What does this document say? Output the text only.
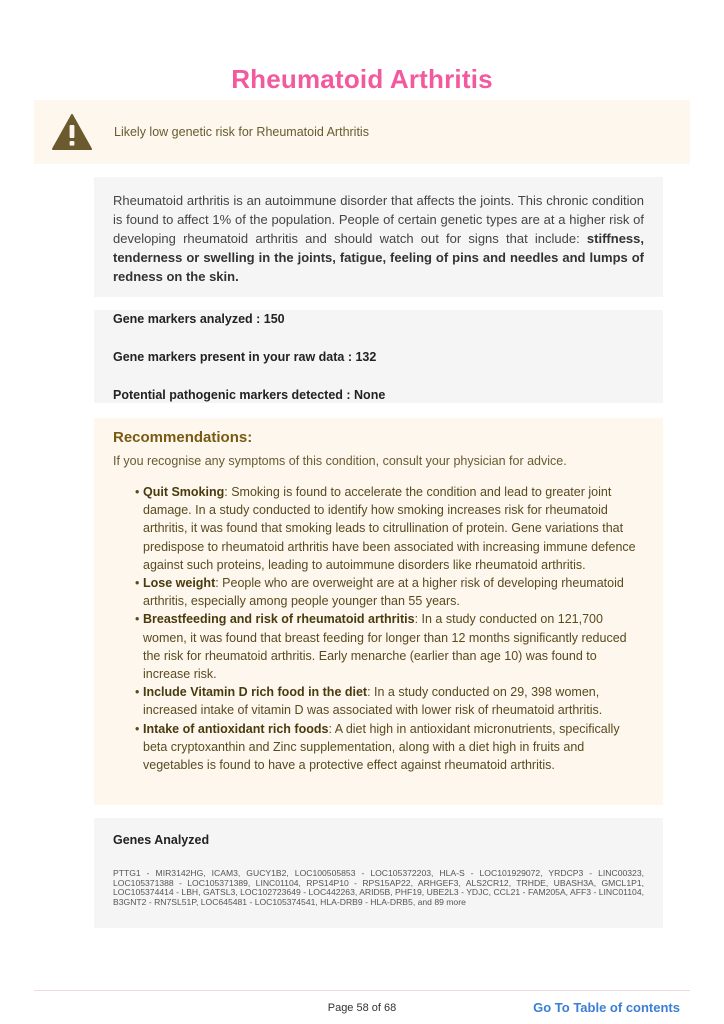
Rheumatoid Arthritis
Likely low genetic risk for Rheumatoid Arthritis

Rheumatoid arthritis is an autoimmune disorder that affects the joints. This chronic condition is found to affect 1% of the population. People of certain genetic types are at a higher risk of developing rheumatoid arthritis and should watch out for signs that include: stiffness, tenderness or swelling in the joints, fatigue, feeling of pins and needles and lumps of redness on the skin.

Gene markers analyzed : 150
Gene markers present in your raw data : 132
Potential pathogenic markers detected : None
Recommendations:
If you recognise any symptoms of this condition, consult your physician for advice.
• Quit Smoking: Smoking is found to accelerate the condition and lead to greater joint damage. In a study conducted to identify how smoking increases risk for rheumatoid arthritis, it was found that smoking leads to citrullination of protein. Gene variations that predispose to rheumatoid arthritis have been associated with increasing immune defence against such proteins, leading to autoimmune disorders like rheumatoid arthritis.
• Lose weight: People who are overweight are at a higher risk of developing rheumatoid arthritis, especially among people younger than 55 years.
• Breastfeeding and risk of rheumatoid arthritis: In a study conducted on 121,700 women, it was found that breast feeding for longer than 12 months significantly reduced the risk for rheumatoid arthritis. Early menarche (earlier than age 10) was found to increase risk.
• Include Vitamin D rich food in the diet: In a study conducted on 29, 398 women, increased intake of vitamin D was associated with lower risk of rheumatoid arthritis.
• Intake of antioxidant rich foods: A diet high in antioxidant micronutrients, specifically beta cryptoxanthin and Zinc supplementation, along with a diet high in fruits and vegetables is found to have a protective effect against rheumatoid arthritis.
Genes Analyzed
PTTG1 - MIR3142HG, ICAM3, GUCY1B2, LOC100505853 - LOC105372203, HLA-S - LOC101929072, YRDCP3 - LINC00323, LOC105371388 - LOC105371389, LINC01104, RPS14P10 - RPS15AP22, ARHGEF3, ALS2CR12, TRHDE, UBASH3A, GMCL1P1, LOC105374414 - LBH, GATSL3, LOC102723649 - LOC442263, ARID5B, PHF19, UBE2L3 - YDJC, CCL21 - FAM205A, AFF3 - LINC01104, B3GNT2 - RN7SL51P, LOC645481 - LOC105374541, HLA-DRB9 - HLA-DRB5, and 89 more
Page 58 of 68	Go To Table of contents
